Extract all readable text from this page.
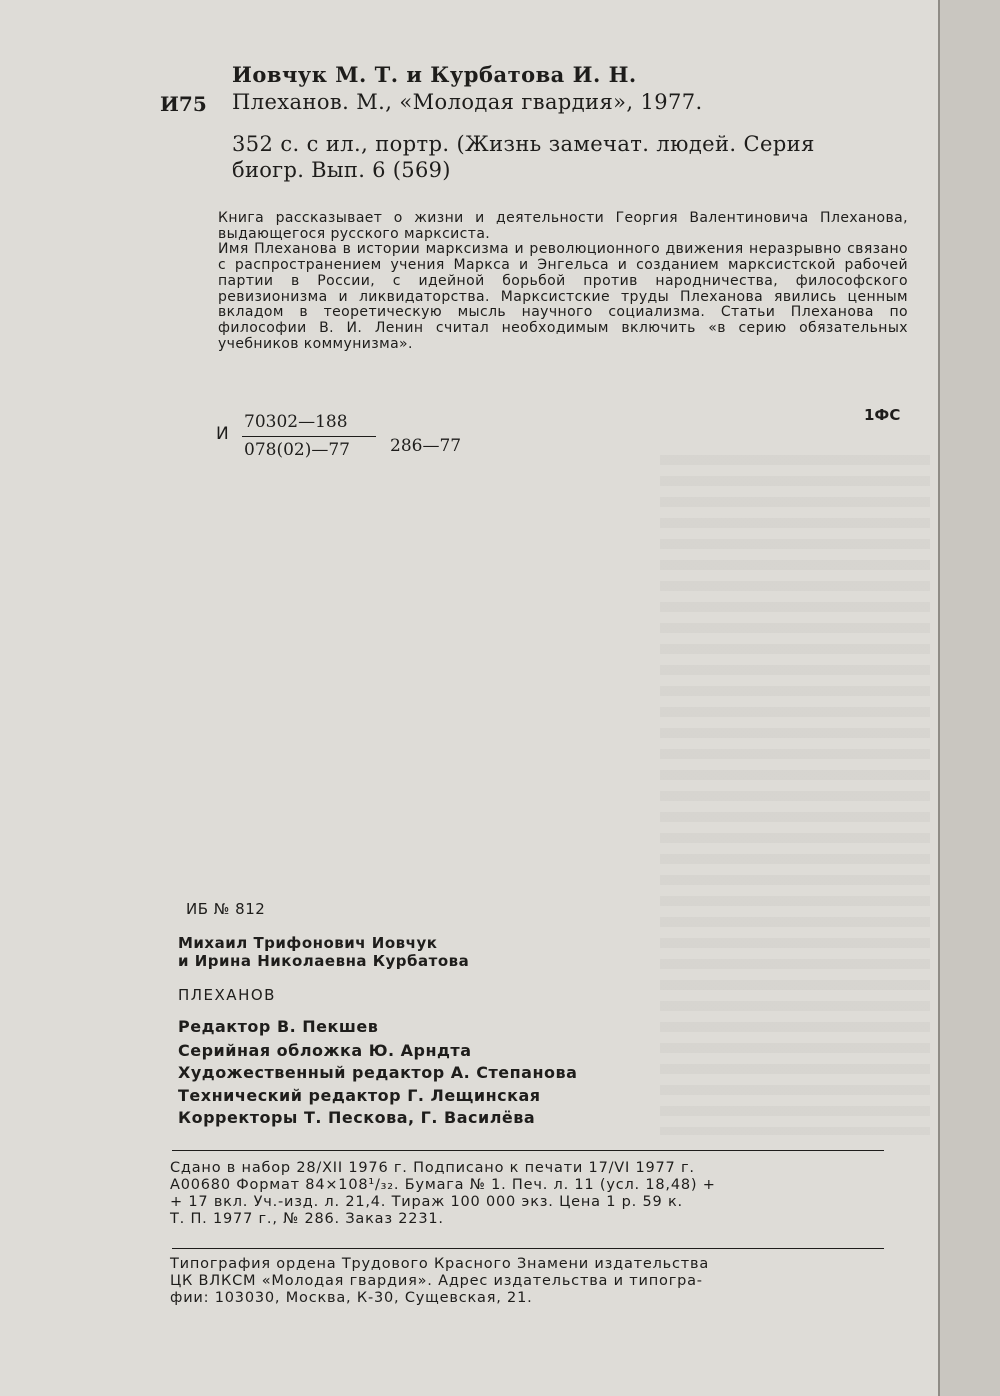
Иовчук М. Т. и Курбатова И. Н.
И75 Плеханов. М., «Молодая гвардия», 1977.
352 с. с ил., портр. (Жизнь замечат. людей. Серия
биогр. Вып. 6 (569)
Книга рассказывает о жизни и деятельности Георгия Валентиновича Плеханова, выдающегося русского марксиста.
Имя Плеханова в истории марксизма и революционного движения неразрывно связано с распространением учения Маркса и Энгельса и созданием марксистской рабочей партии в России, с идейной борьбой против народничества, философского ревизионизма и ликвидаторства. Марксистские труды Плеханова явились ценным вкладом в теоретическую мысль научного социализма. Статьи Плеханова по философии В. И. Ленин считал необходимым включить «в серию обязательных учебников коммунизма».
1ФС
И
70302—188
078(02)—77 286—77
ИБ № 812
Михаил Трифонович Иовчук
и Ирина Николаевна Курбатова
ПЛЕХАНОВ
Редактор В. Пекшев
Серийная обложка Ю. Арндта
Художественный редактор А. Степанова
Технический редактор Г. Лещинская
Корректоры Т. Пескова, Г. Василёва
Сдано в набор 28/XII 1976 г. Подписано к печати 17/VI 1977 г.
А00680 Формат 84×108¹/₃₂. Бумага № 1. Печ. л. 11 (усл. 18,48) +
+ 17 вкл. Уч.-изд. л. 21,4. Тираж 100 000 экз. Цена 1 р. 59 к.
Т. П. 1977 г., № 286. Заказ 2231.
Типография ордена Трудового Красного Знамени издательства
ЦК ВЛКСМ «Молодая гвардия». Адрес издательства и типогра-
фии: 103030, Москва, К-30, Сущевская, 21.
